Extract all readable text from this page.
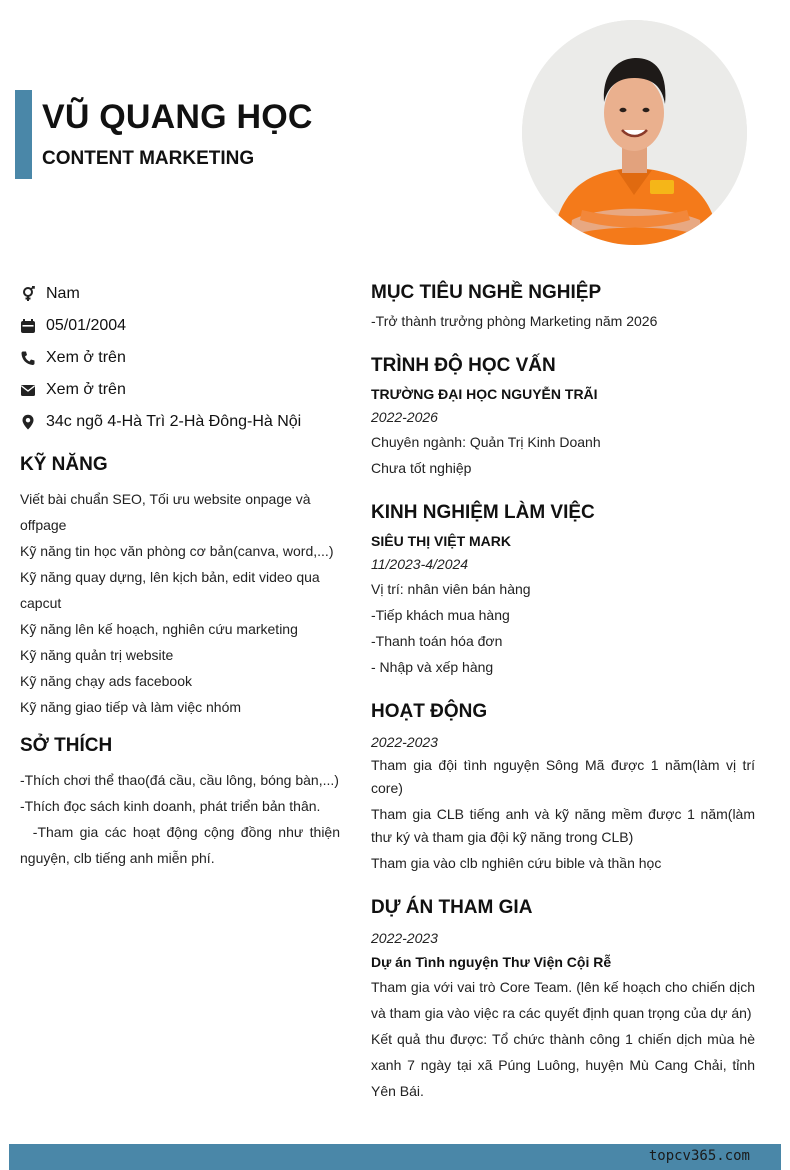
VŨ QUANG HỌC
CONTENT MARKETING
Nam
05/01/2004
Xem ở trên
Xem ở trên
34c ngõ 4-Hà Trì 2-Hà Đông-Hà Nội
KỸ NĂNG
Viết bài chuẩn SEO, Tối ưu website onpage và offpage
Kỹ năng tin học văn phòng cơ bản(canva, word,...)
Kỹ năng quay dựng, lên kịch bản, edit video qua capcut
Kỹ năng lên kế hoạch, nghiên cứu marketing
Kỹ năng quản trị website
Kỹ năng chạy ads facebook
Kỹ năng giao tiếp và làm việc nhóm
SỞ THÍCH
-Thích chơi thể thao(đá cầu, cầu lông, bóng bàn,...)
-Thích đọc sách kinh doanh, phát triển bản thân.
-Tham gia các hoạt động cộng đồng như thiện nguyện, clb tiếng anh miễn phí.
MỤC TIÊU NGHỀ NGHIỆP
-Trở thành trưởng phòng Marketing năm 2026
TRÌNH ĐỘ HỌC VẤN
TRƯỜNG ĐẠI HỌC NGUYỄN TRÃI
2022-2026
Chuyên ngành: Quản Trị Kinh Doanh
Chưa tốt nghiệp
KINH NGHIỆM LÀM VIỆC
SIÊU THỊ VIỆT MARK
11/2023-4/2024
Vị trí: nhân viên bán hàng
-Tiếp khách mua hàng
-Thanh toán hóa đơn
- Nhập và xếp hàng
HOẠT ĐỘNG
2022-2023
Tham gia đội tình nguyện Sông Mã được 1 năm(làm vị trí core)
Tham gia CLB tiếng anh và kỹ năng mềm được 1 năm(làm thư ký và tham gia đội kỹ năng trong CLB)
Tham gia vào clb nghiên cứu bible và thần học
DỰ ÁN THAM GIA
2022-2023
Dự án Tình nguyện Thư Viện Cội Rễ
Tham gia với vai trò Core Team. (lên kế hoạch cho chiến dịch và tham gia vào việc ra các quyết định quan trọng của dự án)
Kết quả thu được: Tổ chức thành công 1 chiến dịch mùa hè xanh 7 ngày tại xã Púng Luông, huyện Mù Cang Chải, tỉnh Yên Bái.
topcv365.com
